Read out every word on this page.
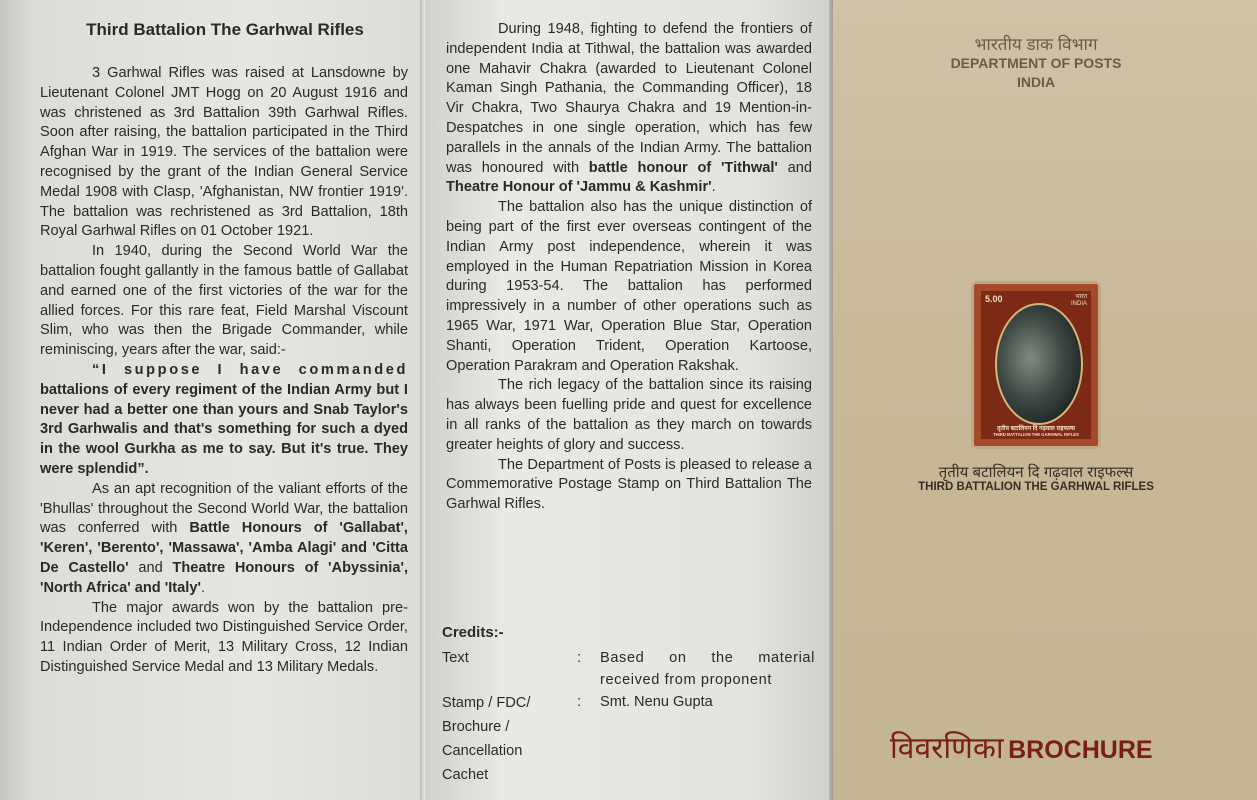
Third Battalion The Garhwal Rifles

3 Garhwal Rifles was raised at Lansdowne by Lieutenant Colonel JMT Hogg on 20 August 1916 and was christened as 3rd Battalion 39th Garhwal Rifles. Soon after raising, the battalion participated in the Third Afghan War in 1919. The services of the battalion were recognised by the grant of the Indian General Service Medal 1908 with Clasp, 'Afghanistan, NW frontier 1919'. The battalion was rechristened as 3rd Battalion, 18th Royal Garhwal Rifles on 01 October 1921.

In 1940, during the Second World War the battalion fought gallantly in the famous battle of Gallabat and earned one of the first victories of the war for the allied forces. For this rare feat, Field Marshal Viscount Slim, who was then the Brigade Commander, while reminiscing, years after the war, said:-

“I suppose I have commanded battalions of every regiment of the Indian Army but I never had a better one than yours and Snab Taylor's 3rd Garhwalis and that's something for such a dyed in the wool Gurkha as me to say. But it's true. They were splendid”.

As an apt recognition of the valiant efforts of the 'Bhullas' throughout the Second World War, the battalion was conferred with Battle Honours of 'Gallabat', 'Keren', 'Berento', 'Massawa', 'Amba Alagi' and 'Citta De Castello' and Theatre Honours of 'Abyssinia', 'North Africa' and 'Italy'.

The major awards won by the battalion pre-Independence included two Distinguished Service Order, 11 Indian Order of Merit, 13 Military Cross, 12 Indian Distinguished Service Medal and 13 Military Medals.

During 1948, fighting to defend the frontiers of independent India at Tithwal, the battalion was awarded one Mahavir Chakra (awarded to Lieutenant Colonel Kaman Singh Pathania, the Commanding Officer), 18 Vir Chakra, Two Shaurya Chakra and 19 Mention-in-Despatches in one single operation, which has few parallels in the annals of the Indian Army. The battalion was honoured with battle honour of 'Tithwal' and Theatre Honour of 'Jammu & Kashmir'.

The battalion also has the unique distinction of being part of the first ever overseas contingent of the Indian Army post independence, wherein it was employed in the Human Repatriation Mission in Korea during 1953-54. The battalion has performed impressively in a number of other operations such as 1965 War, 1971 War, Operation Blue Star, Operation Shanti, Operation Trident, Operation Kartoose, Operation Parakram and Operation Rakshak.

The rich legacy of the battalion since its raising has always been fuelling pride and quest for excellence in all ranks of the battalion as they march on towards greater heights of glory and success.

The Department of Posts is pleased to release a Commemorative Postage Stamp on Third Battalion The Garhwal Rifles.

Credits:-
Text	: Based on the material received from proponent
Stamp / FDC/ Brochure / Cancellation Cachet
: Smt. Nenu Gupta
भारतीय डाक विभाग
DEPARTMENT OF POSTS
INDIA
5.00	भारत
INDIA
तृतीय बटालियन दि गढ़वाल राइफल्स
THIRD BATTALION THE GARHWAL RIFLES
तृतीय बटालियन दि गढ़वाल राइफल्स
THIRD BATTALION THE GARHWAL RIFLES
विवरणिका BROCHURE
